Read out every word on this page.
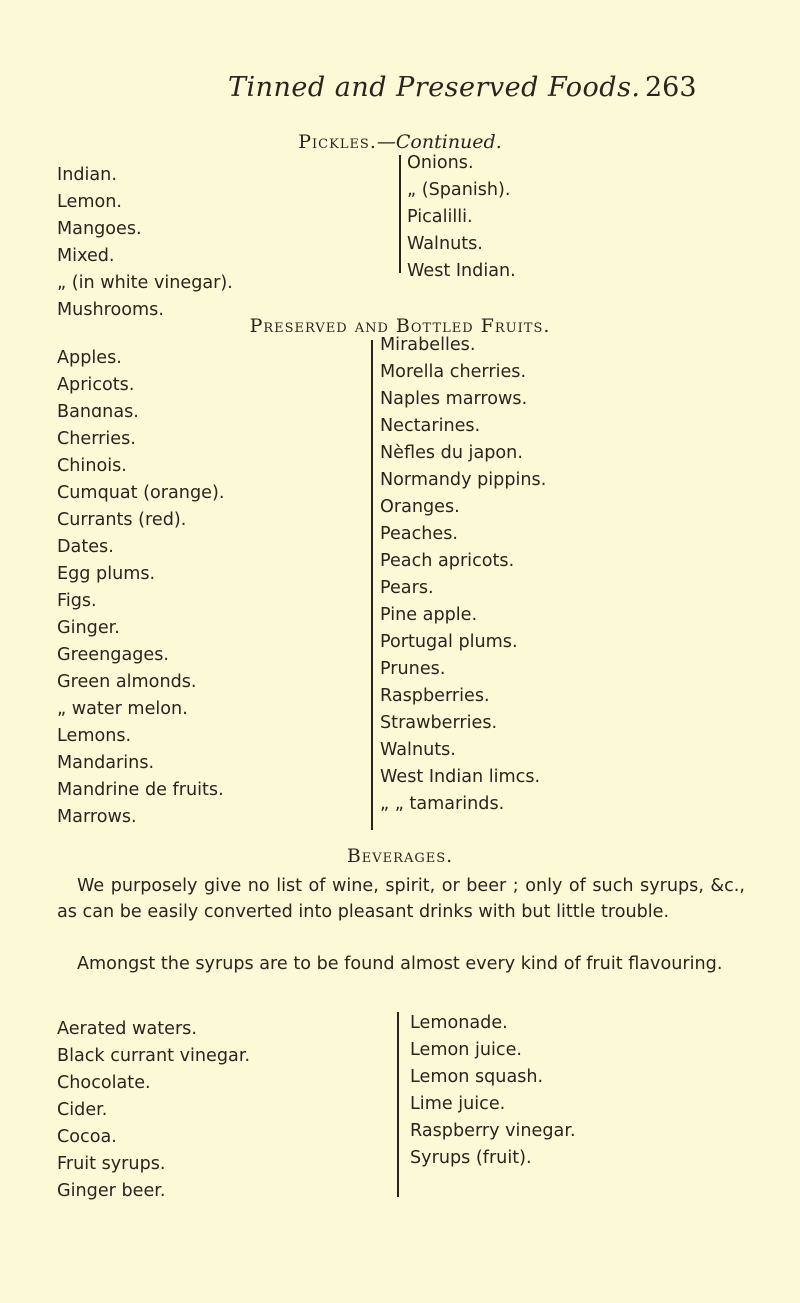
Tinned and Preserved Foods. 263
Pickles.—Continued.
Indian.
Lemon.
Mangoes.
Mixed.
„ (in white vinegar).
Mushrooms.
Onions.
„ (Spanish).
Picalilli.
Walnuts.
West Indian.
Preserved and Bottled Fruits.
Apples.
Apricots.
Banɑnas.
Cherries.
Chinois.
Cumquat (orange).
Currants (red).
Dates.
Egg plums.
Figs.
Ginger.
Greengages.
Green almonds.
„ water melon.
Lemons.
Mandarins.
Mandrine de fruits.
Marrows.
Mirabelles.
Morella cherries.
Naples marrows.
Nectarines.
Nèfles du japon.
Normandy pippins.
Oranges.
Peaches.
Peach apricots.
Pears.
Pine apple.
Portugal plums.
Prunes.
Raspberries.
Strawberries.
Walnuts.
West Indian limcs.
„ „ tamarinds.
Beverages.

We purposely give no list of wine, spirit, or beer ; only of such syrups, &c., as can be easily converted into pleasant drinks with but little trouble.

Amongst the syrups are to be found almost every kind of fruit flavouring.

Aerated waters.
Black currant vinegar.
Chocolate.
Cider.
Cocoa.
Fruit syrups.
Ginger beer.
Lemonade.
Lemon juice.
Lemon squash.
Lime juice.
Raspberry vinegar.
Syrups (fruit).
